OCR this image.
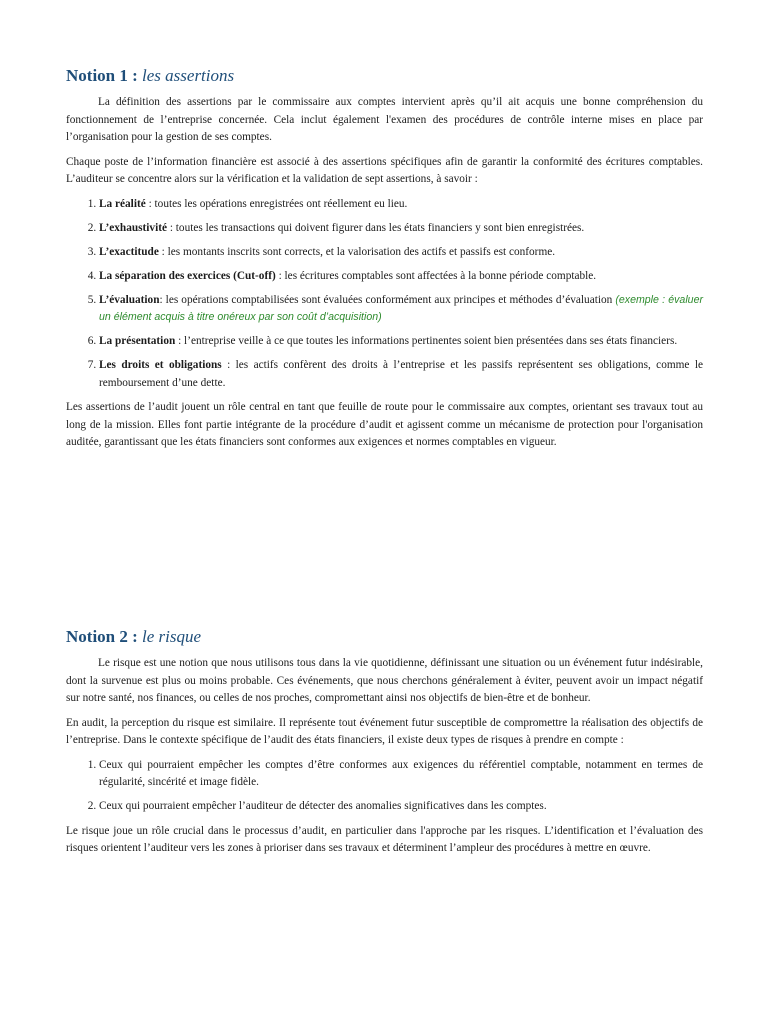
Notion 1 : les assertions

La définition des assertions par le commissaire aux comptes intervient après qu’il ait acquis une bonne compréhension du fonctionnement de l’entreprise concernée. Cela inclut également l'examen des procédures de contrôle interne mises en place par l’organisation pour la gestion de ses comptes.

Chaque poste de l’information financière est associé à des assertions spécifiques afin de garantir la conformité des écritures comptables. L’auditeur se concentre alors sur la vérification et la validation de sept assertions, à savoir :

1. La réalité : toutes les opérations enregistrées ont réellement eu lieu.
2. L’exhaustivité : toutes les transactions qui doivent figurer dans les états financiers y sont bien enregistrées.
3. L’exactitude : les montants inscrits sont corrects, et la valorisation des actifs et passifs est conforme.
4. La séparation des exercices (Cut-off) : les écritures comptables sont affectées à la bonne période comptable.
5. L’évaluation: les opérations comptabilisées sont évaluées conformément aux principes et méthodes d’évaluation (exemple : évaluer un élément acquis à titre onéreux par son coût d’acquisition)
6. La présentation : l’entreprise veille à ce que toutes les informations pertinentes soient bien présentées dans ses états financiers.
7. Les droits et obligations : les actifs confèrent des droits à l’entreprise et les passifs représentent ses obligations, comme le remboursement d’une dette.

Les assertions de l’audit jouent un rôle central en tant que feuille de route pour le commissaire aux comptes, orientant ses travaux tout au long de la mission. Elles font partie intégrante de la procédure d’audit et agissent comme un mécanisme de protection pour l'organisation auditée, garantissant que les états financiers sont conformes aux exigences et normes comptables en vigueur.

Notion 2 : le risque

Le risque est une notion que nous utilisons tous dans la vie quotidienne, définissant une situation ou un événement futur indésirable, dont la survenue est plus ou moins probable. Ces événements, que nous cherchons généralement à éviter, peuvent avoir un impact négatif sur notre santé, nos finances, ou celles de nos proches, compromettant ainsi nos objectifs de bien-être et de bonheur.

En audit, la perception du risque est similaire. Il représente tout événement futur susceptible de compromettre la réalisation des objectifs de l’entreprise. Dans le contexte spécifique de l’audit des états financiers, il existe deux types de risques à prendre en compte :

1. Ceux qui pourraient empêcher les comptes d’être conformes aux exigences du référentiel comptable, notamment en termes de régularité, sincérité et image fidèle.
2. Ceux qui pourraient empêcher l’auditeur de détecter des anomalies significatives dans les comptes.

Le risque joue un rôle crucial dans le processus d’audit, en particulier dans l'approche par les risques. L’identification et l’évaluation des risques orientent l’auditeur vers les zones à prioriser dans ses travaux et déterminent l’ampleur des procédures à mettre en œuvre.
